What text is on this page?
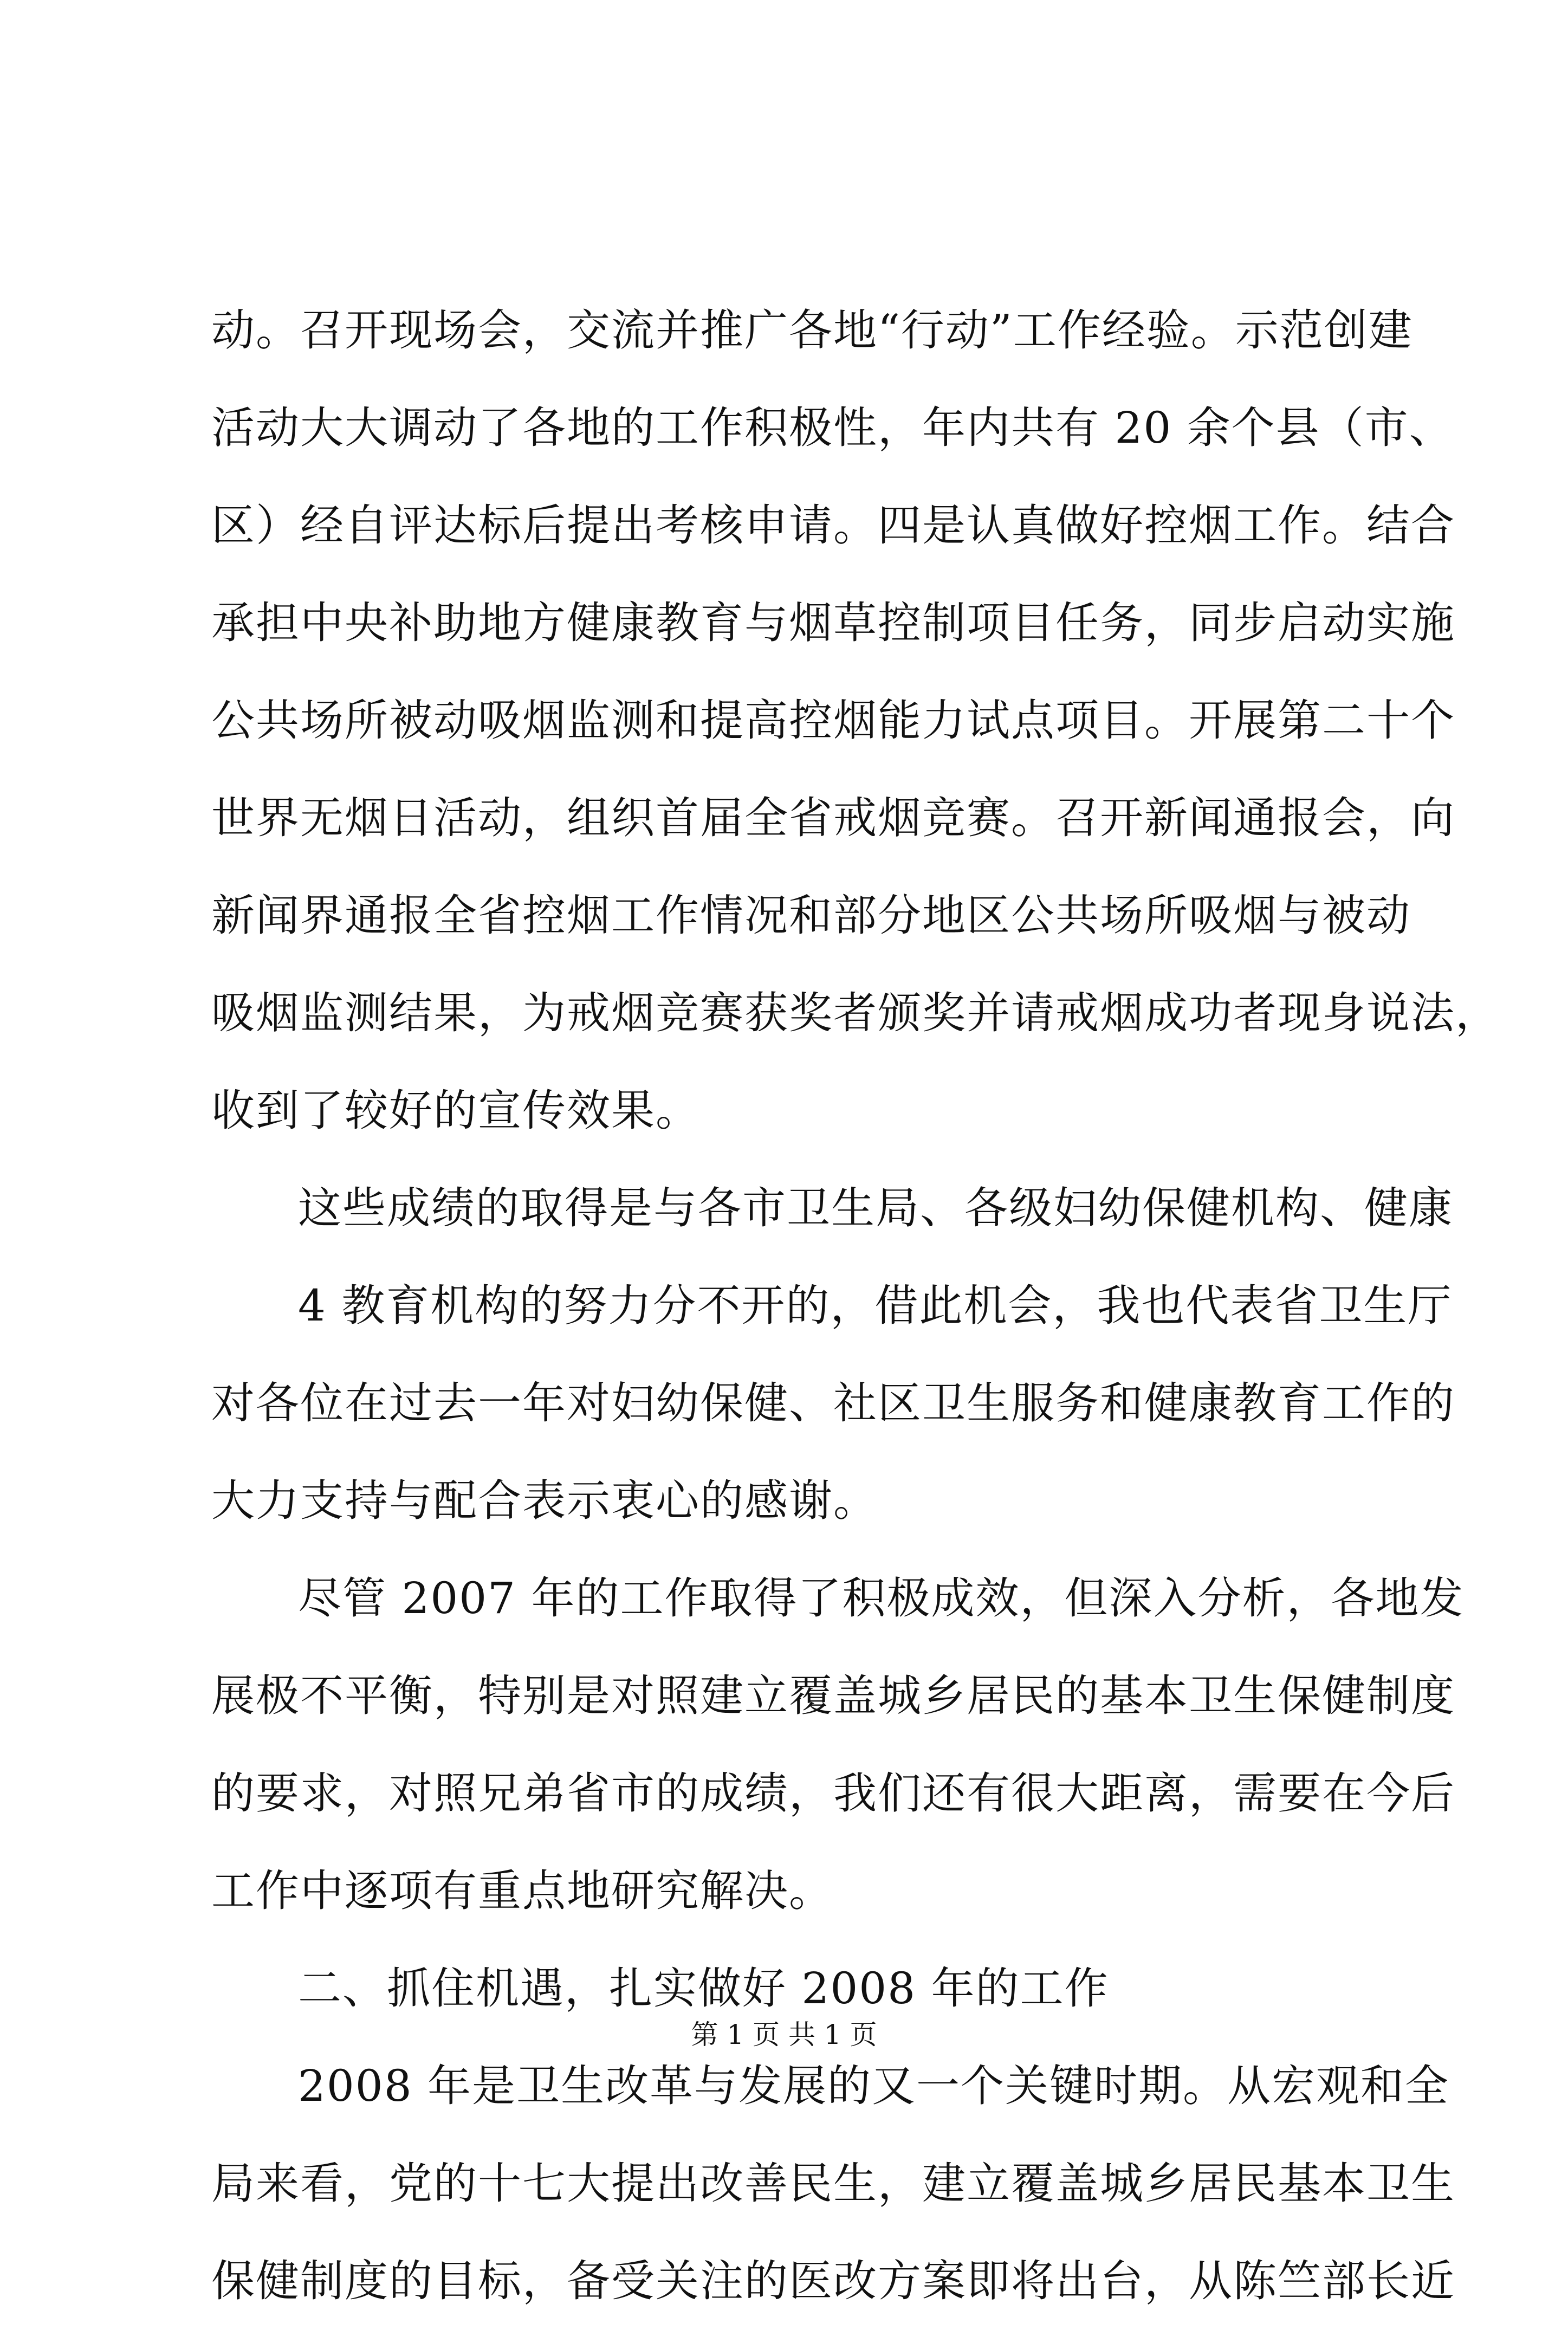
动。召开现场会，交流并推广各地“行动”工作经验。示范创建
活动大大调动了各地的工作积极性，年内共有 20 余个县（市、
区）经自评达标后提出考核申请。四是认真做好控烟工作。结合
承担中央补助地方健康教育与烟草控制项目任务，同步启动实施
公共场所被动吸烟监测和提高控烟能力试点项目。开展第二十个
世界无烟日活动，组织首届全省戒烟竞赛。召开新闻通报会，向
新闻界通报全省控烟工作情况和部分地区公共场所吸烟与被动
吸烟监测结果，为戒烟竞赛获奖者颁奖并请戒烟成功者现身说法，
收到了较好的宣传效果。
这些成绩的取得是与各市卫生局、各级妇幼保健机构、健康
4 教育机构的努力分不开的，借此机会，我也代表省卫生厅
对各位在过去一年对妇幼保健、社区卫生服务和健康教育工作的
大力支持与配合表示衷心的感谢。
尽管 2007 年的工作取得了积极成效，但深入分析，各地发
展极不平衡，特别是对照建立覆盖城乡居民的基本卫生保健制度
的要求，对照兄弟省市的成绩，我们还有很大距离，需要在今后
工作中逐项有重点地研究解决。
二、抓住机遇，扎实做好 2008 年的工作
2008 年是卫生改革与发展的又一个关键时期。从宏观和全
局来看，党的十七大提出改善民生，建立覆盖城乡居民基本卫生
保健制度的目标，备受关注的医改方案即将出台，从陈竺部长近
第 1 页 共 1 页
